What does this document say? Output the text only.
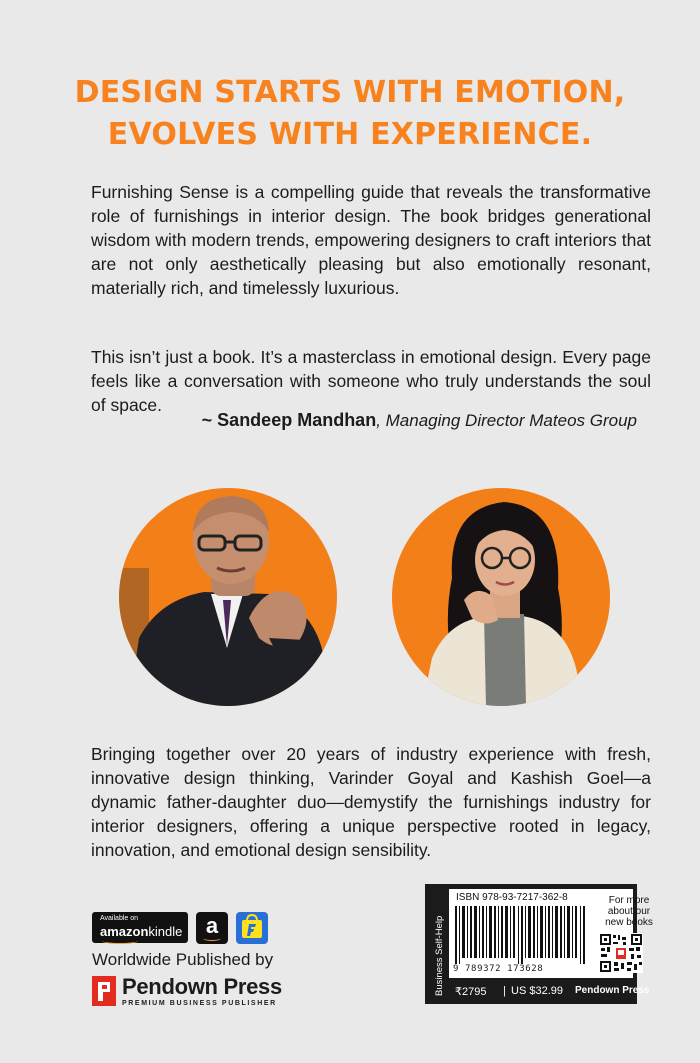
DESIGN STARTS WITH EMOTION,
EVOLVES WITH EXPERIENCE.
Furnishing Sense is a compelling guide that reveals the transformative role of furnishings in interior design. The book bridges generational wisdom with modern trends, empowering designers to craft interiors that are not only aesthetically pleasing but also emotionally resonant, materially rich, and timelessly luxurious.
This isn’t just a book. It’s a masterclass in emotional design. Every page feels like a conversation with someone who truly understands the soul of space.
~ Sandeep Mandhan, Managing Director Mateos Group
Bringing together over 20 years of industry experience with fresh, innovative design thinking, Varinder Goyal and Kashish Goel—a dynamic father-daughter duo—demystify the furnishings industry for interior designers, offering a unique perspective rooted in legacy, innovation, and emotional design sensibility.
Available on
amazonkindle	a
Worldwide Published by
Pendown Press
PREMIUM BUSINESS PUBLISHER
Business Self-Help
ISBN 978-93-7217-362-8
9 789372 173628
For more about our new books
₹2795 | US $32.99 Pendown Press
